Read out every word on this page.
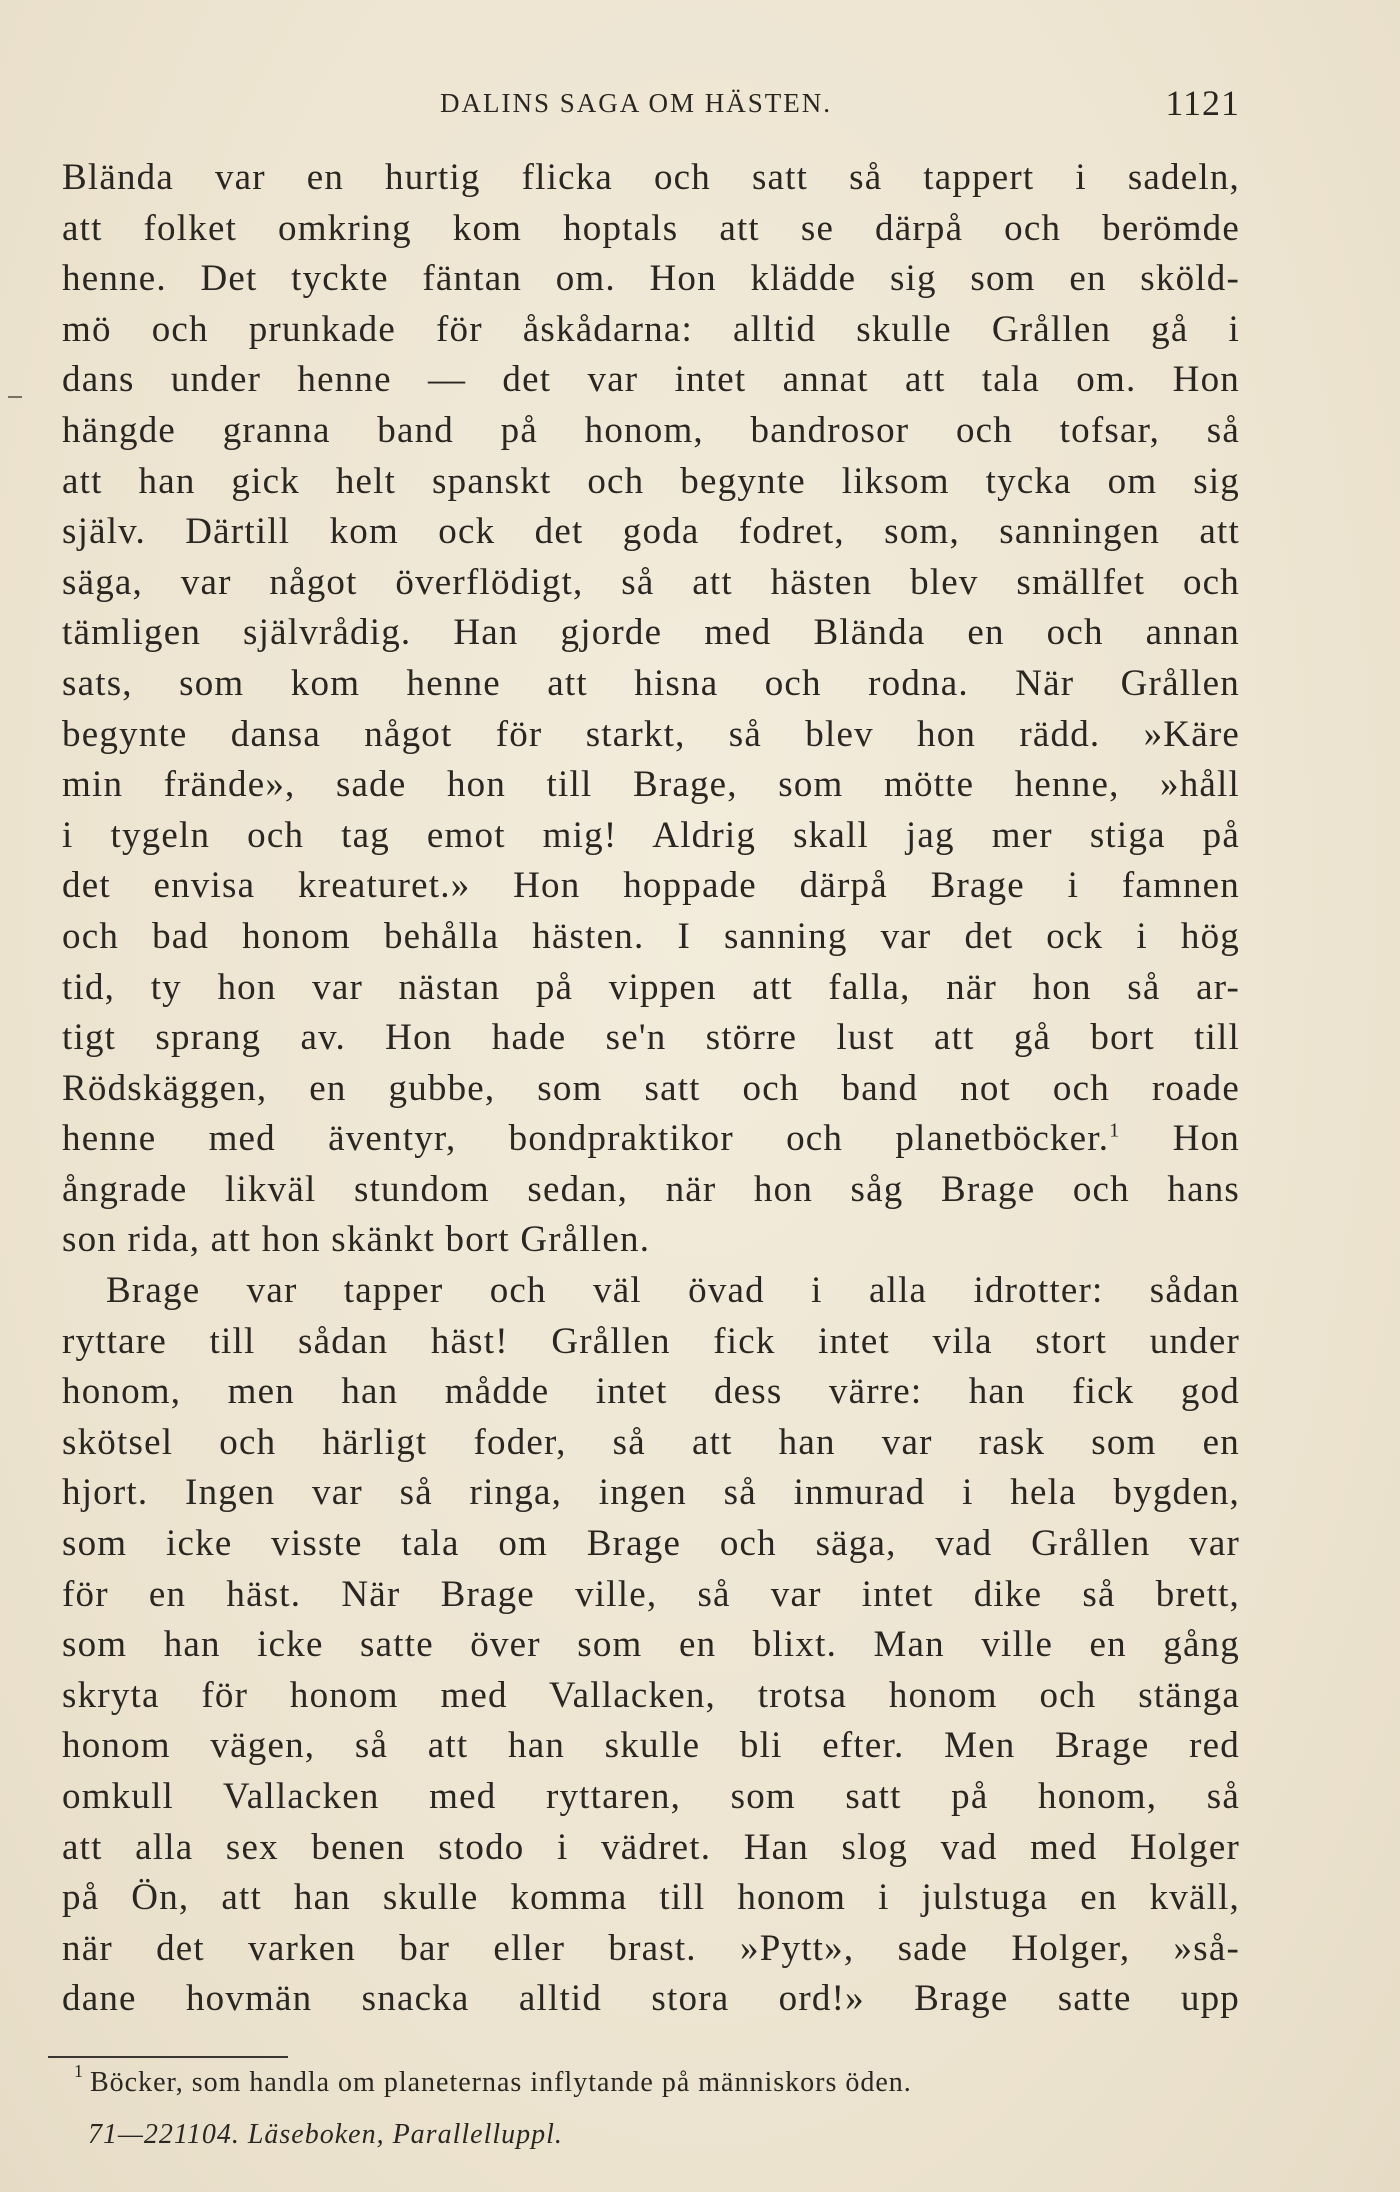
DALINS SAGA OM HÄSTEN.	1121
Blända var en hurtig flicka och satt så tappert i sadeln,
att folket omkring kom hoptals att se därpå och berömde
henne. Det tyckte fäntan om. Hon klädde sig som en sköld-
mö och prunkade för åskådarna: alltid skulle Grållen gå i
dans under henne — det var intet annat att tala om. Hon
hängde granna band på honom, bandrosor och tofsar, så
att han gick helt spanskt och begynte liksom tycka om sig
själv. Därtill kom ock det goda fodret, som, sanningen att
säga, var något överflödigt, så att hästen blev smällfet och
tämligen självrådig. Han gjorde med Blända en och annan
sats, som kom henne att hisna och rodna. När Grållen
begynte dansa något för starkt, så blev hon rädd. »Käre
min frände», sade hon till Brage, som mötte henne, »håll
i tygeln och tag emot mig! Aldrig skall jag mer stiga på
det envisa kreaturet.» Hon hoppade därpå Brage i famnen
och bad honom behålla hästen. I sanning var det ock i hög
tid, ty hon var nästan på vippen att falla, när hon så ar-
tigt sprang av. Hon hade se'n större lust att gå bort till
Rödskäggen, en gubbe, som satt och band not och roade
henne med äventyr, bondpraktikor och planetböcker.$^1$ Hon
ångrade likväl stundom sedan, när hon såg Brage och hans
son rida, att hon skänkt bort Grållen.
Brage var tapper och väl övad i alla idrotter: sådan
ryttare till sådan häst! Grållen fick intet vila stort under
honom, men han mådde intet dess värre: han fick god
skötsel och härligt foder, så att han var rask som en
hjort. Ingen var så ringa, ingen så inmurad i hela bygden,
som icke visste tala om Brage och säga, vad Grållen var
för en häst. När Brage ville, så var intet dike så brett,
som han icke satte över som en blixt. Man ville en gång
skryta för honom med Vallacken, trotsa honom och stänga
honom vägen, så att han skulle bli efter. Men Brage red
omkull Vallacken med ryttaren, som satt på honom, så
att alla sex benen stodo i vädret. Han slog vad med Holger
på Ön, att han skulle komma till honom i julstuga en kväll,
när det varken bar eller brast. »Pytt», sade Holger, »så-
dane hovmän snacka alltid stora ord!» Brage satte upp
1 Böcker, som handla om planeternas inflytande på människors öden.
71—221104. Läseboken, Parallelluppl.
